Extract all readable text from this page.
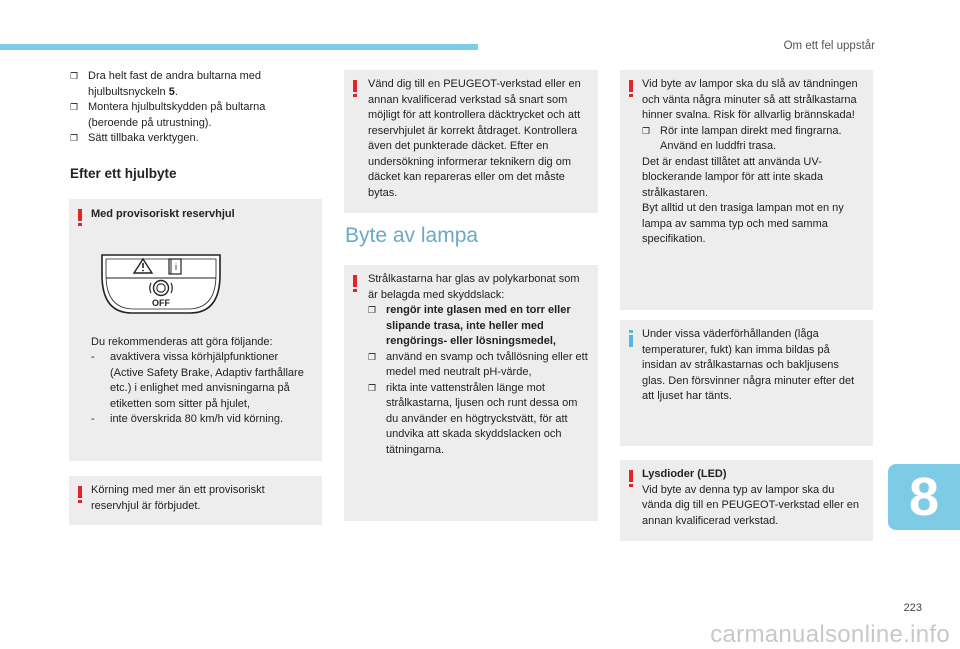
Om ett fel uppstår

❐ Dra helt fast de andra bultarna med hjulbultsnyckeln 5.

❐ Montera hjulbultskydden på bultarna (beroende på utrustning).

❐ Sätt tillbaka verktygen.

Efter ett hjulbyte

Med provisoriskt reservhjul

Du rekommenderas att göra följande:

- avaktivera vissa körhjälpfunktioner (Active Safety Brake, Adaptiv farthållare etc.) i enlighet med anvisningarna på etiketten som sitter på hjulet,

- inte överskrida 80 km/h vid körning.

i
OFF

Körning med mer än ett provisoriskt reservhjul är förbjudet.

Vänd dig till en PEUGEOT-verkstad eller en annan kvalificerad verkstad så snart som möjligt för att kontrollera däcktrycket och att reservhjulet är korrekt åtdraget. Kontrollera även det punkterade däcket. Efter en undersökning informerar teknikern dig om däcket kan repareras eller om det måste bytas.

Byte av lampa

Strålkastarna har glas av polykarbonat som är belagda med skyddslack:

❐ rengör inte glasen med en torr eller slipande trasa, inte heller med rengörings- eller lösningsmedel,

❐ använd en svamp och tvållösning eller ett medel med neutralt pH-värde,

❐ rikta inte vattenstrålen länge mot strålkastarna, ljusen och runt dessa om du använder en högtryckstvätt, för att undvika att skada skyddslacken och tätningarna.

Vid byte av lampor ska du slå av tändningen och vänta några minuter så att strålkastarna hinner svalna. Risk för allvarlig brännskada!

❐ Rör inte lampan direkt med fingrarna. Använd en luddfri trasa.

Det är endast tillåtet att använda UV-blockerande lampor för att inte skada strålkastaren.

Byt alltid ut den trasiga lampan mot en ny lampa av samma typ och med samma specifikation.

Under vissa väderförhållanden (låga temperaturer, fukt) kan imma bildas på insidan av strålkastarnas och bakljusens glas. Den försvinner några minuter efter det att ljuset har tänts.

Lysdioder (LED)

Vid byte av denna typ av lampor ska du vända dig till en PEUGEOT-verkstad eller en annan kvalificerad verkstad.	8
223
carmanualsonline.info
